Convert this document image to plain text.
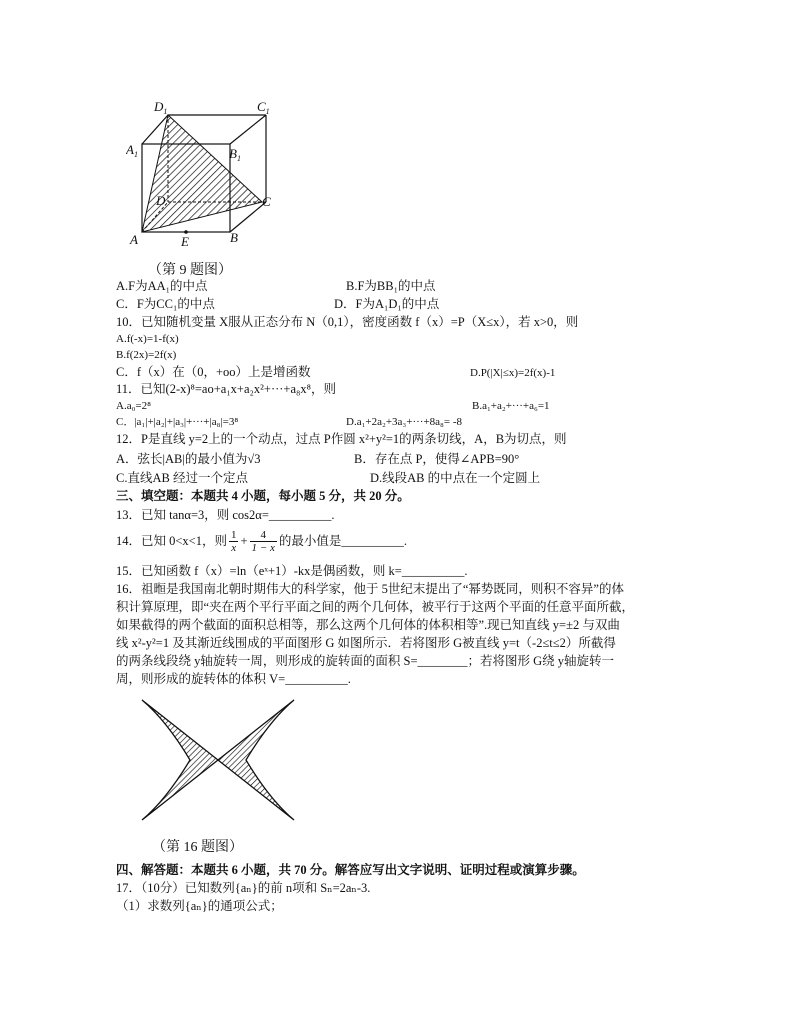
$D_1$	$C_1$
$A_1$	$B_1$
D	C
A	E	B
（第 9 题图）
A.F为AA₁的中点	B.F为BB₁的中点
C．F为CC₁的中点	D．F为A₁D₁的中点
10．已知随机变量 X服从正态分布 N（0,1），密度函数 f（x）=P（X≤x），若 x>0，则
A.f(-x)=1-f(x)
B.f(2x)=2f(x)
C．f（x）在（0，+oo）上是增函数	D.P(|X|≤x)=2f(x)-1
11．已知(2-x)⁸=ao+a₁x+a₂x²+···+a₈x⁸，则
A.a₀=2⁸	B.a₁+a₂+···+a₆=1
C．|a₁|+|a₂|+|a₃|+···+|a₈|=3⁸	D.a₁+2a₂+3a₃+···+8a₈= -8
12．P是直线 y=2上的一个动点，过点 P作圆 x²+y²=1的两条切线，A，B为切点，则
A．弦长|AB|的最小值为√3	B．存在点 P，使得∠APB=90°
C.直线AB 经过一个定点	D.线段AB 的中点在一个定圆上
三、填空题：本题共 4 小题，每小题 5 分，共 20 分。
13．已知 tanα=3，则 cos2α=__________.
14．已知 0<x<1，则 $\frac{1}{x} + \frac{4}{1 - x}$ 的最小值是__________.
15．已知函数 f（x）=ln（eˣ+1）-kx是偶函数，则 k=__________.
16．祖暅是我国南北朝时期伟大的科学家，他于 5世纪末提出了“幂势既同，则积不容异”的体
积计算原理，即“夹在两个平行平面之间的两个几何体，被平行于这两个平面的任意平面所截，
如果截得的两个截面的面积总相等，那么这两个几何体的体积相等”.现已知直线 y=±2 与双曲
线 x²-y²=1 及其渐近线围成的平面图形 G 如图所示．若将图形 G被直线 y=t（-2≤t≤2）所截得
的两条线段绕 y轴旋转一周，则形成的旋转面的面积 S=________；若将图形 G绕 y轴旋转一
周，则形成的旋转体的体积 V=__________.
（第 16 题图）
四、解答题：本题共 6 小题，共 70 分。解答应写出文字说明、证明过程或演算步骤。
17．（10分）已知数列{aₙ}的前 n项和 Sₙ=2aₙ-3.
（1）求数列{aₙ}的通项公式；
